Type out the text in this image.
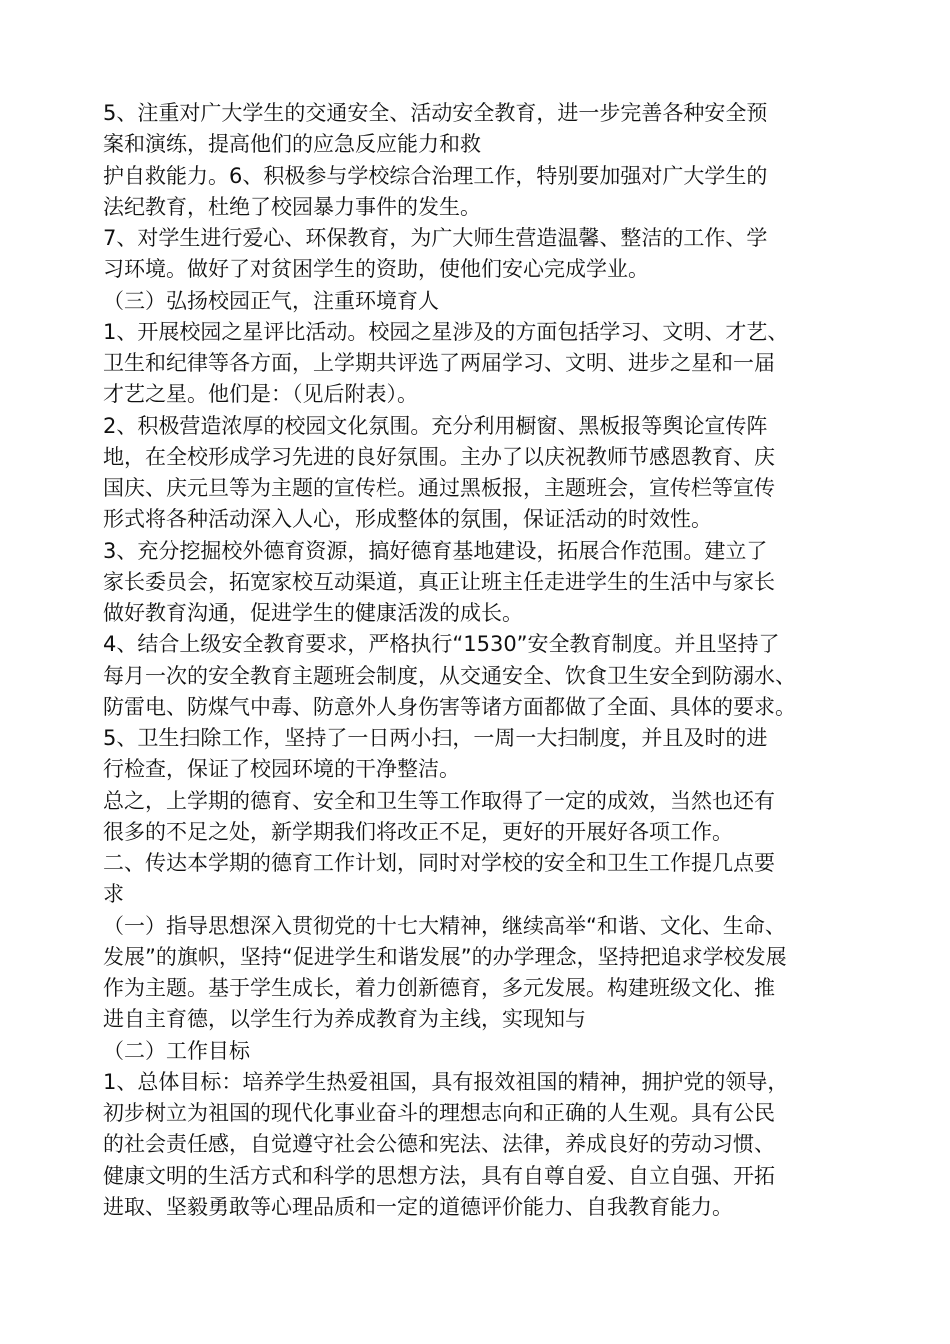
5、注重对广大学生的交通安全、活动安全教育，进一步完善各种安全预
案和演练，提高他们的应急反应能力和救
护自救能力。6、积极参与学校综合治理工作，特别要加强对广大学生的
法纪教育，杜绝了校园暴力事件的发生。
7、对学生进行爱心、环保教育，为广大师生营造温馨、整洁的工作、学
习环境。做好了对贫困学生的资助，使他们安心完成学业。
（三）弘扬校园正气，注重环境育人
1、开展校园之星评比活动。校园之星涉及的方面包括学习、文明、才艺、
卫生和纪律等各方面，上学期共评选了两届学习、文明、进步之星和一届
才艺之星。他们是：（见后附表）。
2、积极营造浓厚的校园文化氛围。充分利用橱窗、黑板报等舆论宣传阵
地，在全校形成学习先进的良好氛围。主办了以庆祝教师节感恩教育、庆
国庆、庆元旦等为主题的宣传栏。通过黑板报，主题班会，宣传栏等宣传
形式将各种活动深入人心，形成整体的氛围，保证活动的时效性。
3、充分挖掘校外德育资源，搞好德育基地建设，拓展合作范围。建立了
家长委员会，拓宽家校互动渠道，真正让班主任走进学生的生活中与家长
做好教育沟通，促进学生的健康活泼的成长。
4、结合上级安全教育要求，严格执行“1530”安全教育制度。并且坚持了
每月一次的安全教育主题班会制度，从交通安全、饮食卫生安全到防溺水、
防雷电、防煤气中毒、防意外人身伤害等诸方面都做了全面、具体的要求。
5、卫生扫除工作，坚持了一日两小扫，一周一大扫制度，并且及时的进
行检查，保证了校园环境的干净整洁。
总之，上学期的德育、安全和卫生等工作取得了一定的成效，当然也还有
很多的不足之处，新学期我们将改正不足，更好的开展好各项工作。
二、传达本学期的德育工作计划，同时对学校的安全和卫生工作提几点要
求
（一）指导思想深入贯彻党的十七大精神，继续高举“和谐、文化、生命、
发展”的旗帜，坚持“促进学生和谐发展”的办学理念，坚持把追求学校发展
作为主题。基于学生成长，着力创新德育，多元发展。构建班级文化、推
进自主育德，以学生行为养成教育为主线，实现知与
（二）工作目标
1、总体目标：培养学生热爱祖国，具有报效祖国的精神，拥护党的领导，
初步树立为祖国的现代化事业奋斗的理想志向和正确的人生观。具有公民
的社会责任感，自觉遵守社会公德和宪法、法律，养成良好的劳动习惯、
健康文明的生活方式和科学的思想方法，具有自尊自爱、自立自强、开拓
进取、坚毅勇敢等心理品质和一定的道德评价能力、自我教育能力。
